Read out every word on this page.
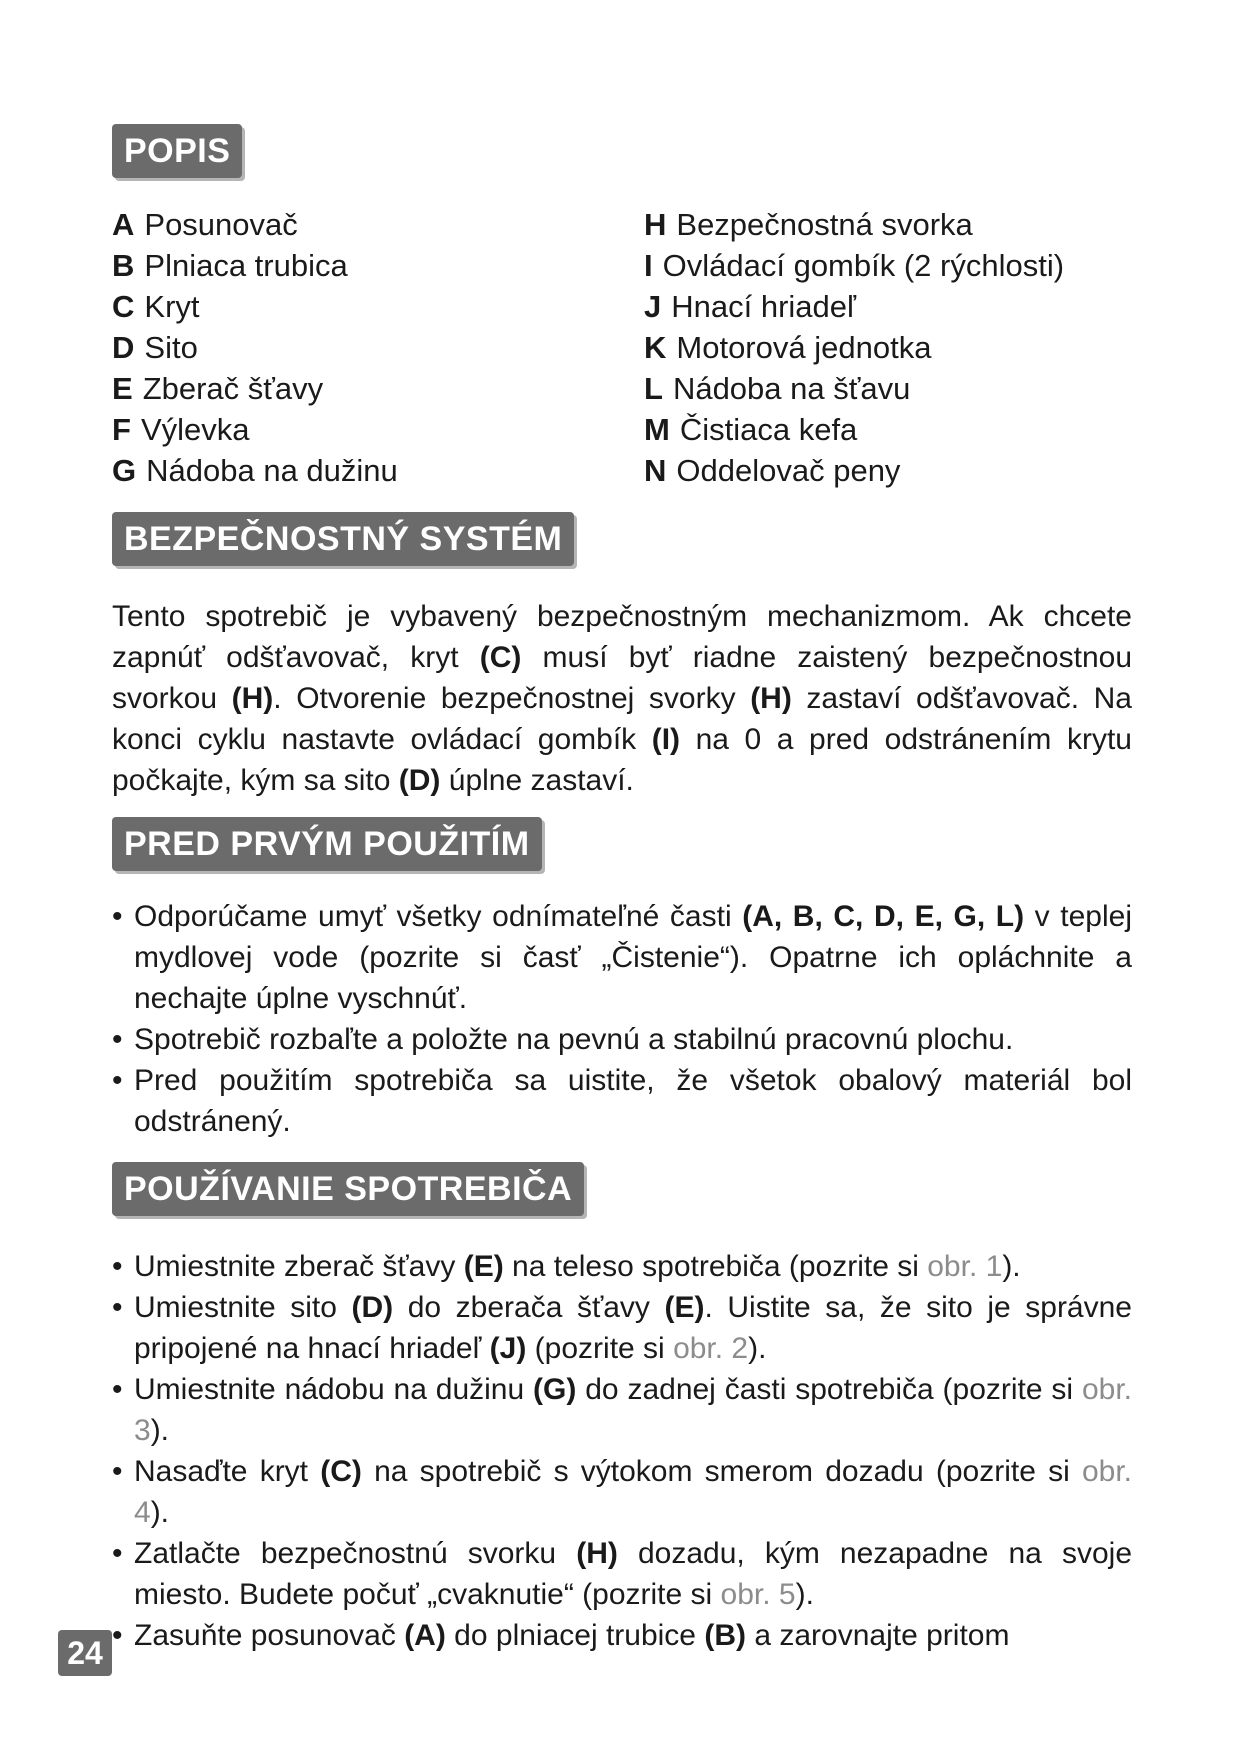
POPIS
A Posunovač
B Plniaca trubica
C Kryt
D Sito
E Zberač šťavy
F Výlevka
G Nádoba na dužinu
H Bezpečnostná svorka
I Ovládací gombík (2 rýchlosti)
J Hnací hriadeľ
K Motorová jednotka
L Nádoba na šťavu
M Čistiaca kefa
N Oddelovač peny
BEZPEČNOSTNÝ SYSTÉM

Tento spotrebič je vybavený bezpečnostným mechanizmom. Ak chcete zapnúť odšťavovač, kryt (C) musí byť riadne zaistený bezpečnostnou svorkou (H). Otvorenie bezpečnostnej svorky (H) zastaví odšťavovač. Na konci cyklu nastavte ovládací gombík (I) na 0 a pred odstránením krytu počkajte, kým sa sito (D) úplne zastaví.

PRED PRVÝM POUŽITÍM
• Odporúčame umyť všetky odnímateľné časti (A, B, C, D, E, G, L) v teplej mydlovej vode (pozrite si časť „Čistenie“). Opatrne ich opláchnite a nechajte úplne vyschnúť.
• Spotrebič rozbaľte a položte na pevnú a stabilnú pracovnú plochu.
• Pred použitím spotrebiča sa uistite, že všetok obalový materiál bol odstránený.
POUŽÍVANIE SPOTREBIČA
• Umiestnite zberač šťavy (E) na teleso spotrebiča (pozrite si obr. 1).
• Umiestnite sito (D) do zberača šťavy (E). Uistite sa, že sito je správne pripojené na hnací hriadeľ (J) (pozrite si obr. 2).
• Umiestnite nádobu na dužinu (G) do zadnej časti spotrebiča (pozrite si obr. 3).
• Nasaďte kryt (C) na spotrebič s výtokom smerom dozadu (pozrite si obr. 4).
• Zatlačte bezpečnostnú svorku (H) dozadu, kým nezapadne na svoje miesto. Budete počuť „cvaknutie“ (pozrite si obr. 5).
• Zasuňte posunovač (A) do plniacej trubice (B) a zarovnajte pritom
24
